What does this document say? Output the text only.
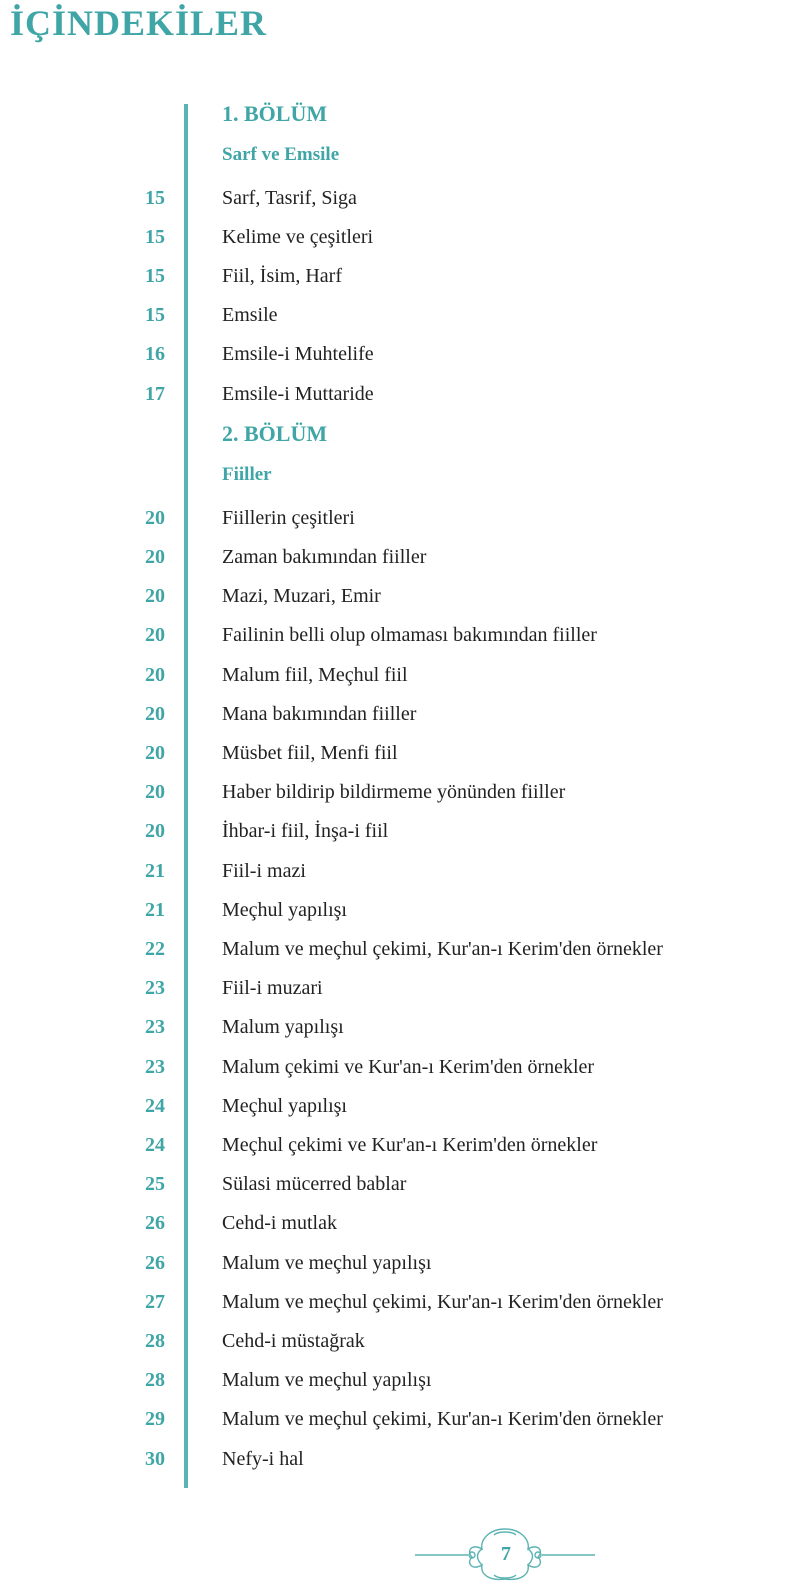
İÇİNDEKİLER
1. BÖLÜM
Sarf ve Emsile
15	Sarf, Tasrif, Siga
15	Kelime ve çeşitleri
15	Fiil, İsim, Harf
15	Emsile
16	Emsile-i Muhtelife
17	Emsile-i Muttaride
2. BÖLÜM
Fiiller
20	Fiillerin çeşitleri
20	Zaman bakımından fiiller
20	Mazi, Muzari, Emir
20	Failinin belli olup olmaması bakımından fiiller
20	Malum fiil, Meçhul fiil
20	Mana bakımından fiiller
20	Müsbet fiil, Menfi fiil
20	Haber bildirip bildirmeme yönünden fiiller
20	İhbar-i fiil, İnşa-i fiil
21	Fiil-i mazi
21	Meçhul yapılışı
22	Malum ve meçhul çekimi, Kur'an-ı Kerim'den örnekler
23	Fiil-i muzari
23	Malum yapılışı
23	Malum çekimi ve Kur'an-ı Kerim'den örnekler
24	Meçhul yapılışı
24	Meçhul çekimi ve Kur'an-ı Kerim'den örnekler
25	Sülasi mücerred bablar
26	Cehd-i mutlak
26	Malum ve meçhul yapılışı
27	Malum ve meçhul çekimi, Kur'an-ı Kerim'den örnekler
28	Cehd-i müstağrak
28	Malum ve meçhul yapılışı
29	Malum ve meçhul çekimi, Kur'an-ı Kerim'den örnekler
30	Nefy-i hal
7
